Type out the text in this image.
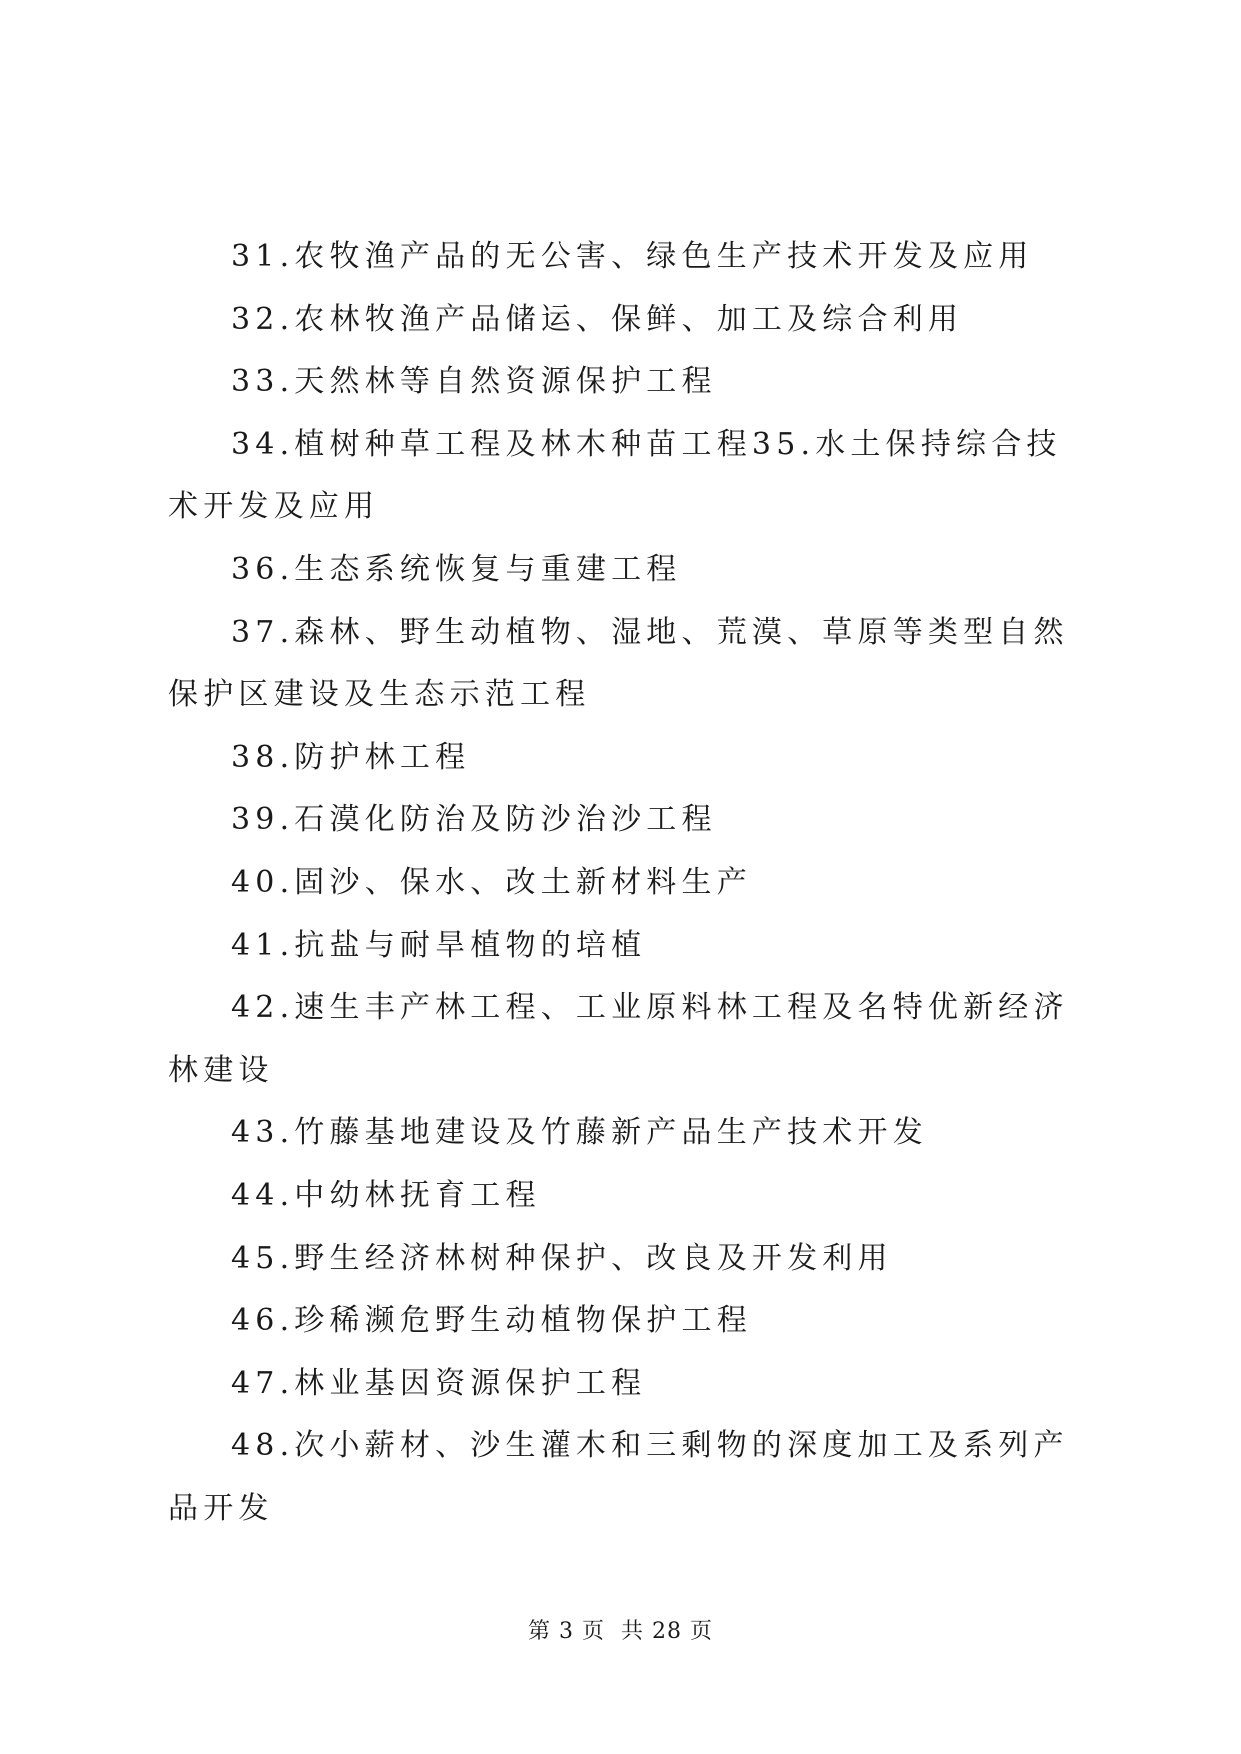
31.农牧渔产品的无公害、绿色生产技术开发及应用

32.农林牧渔产品储运、保鲜、加工及综合利用

33.天然林等自然资源保护工程

34.植树种草工程及林木种苗工程35.水土保持综合技术开发及应用

36.生态系统恢复与重建工程

37.森林、野生动植物、湿地、荒漠、草原等类型自然保护区建设及生态示范工程

38.防护林工程

39.石漠化防治及防沙治沙工程

40.固沙、保水、改土新材料生产

41.抗盐与耐旱植物的培植

42.速生丰产林工程、工业原料林工程及名特优新经济林建设

43.竹藤基地建设及竹藤新产品生产技术开发

44.中幼林抚育工程

45.野生经济林树种保护、改良及开发利用

46.珍稀濒危野生动植物保护工程

47.林业基因资源保护工程

48.次小薪材、沙生灌木和三剩物的深度加工及系列产品开发

第 3 页 共 28 页
